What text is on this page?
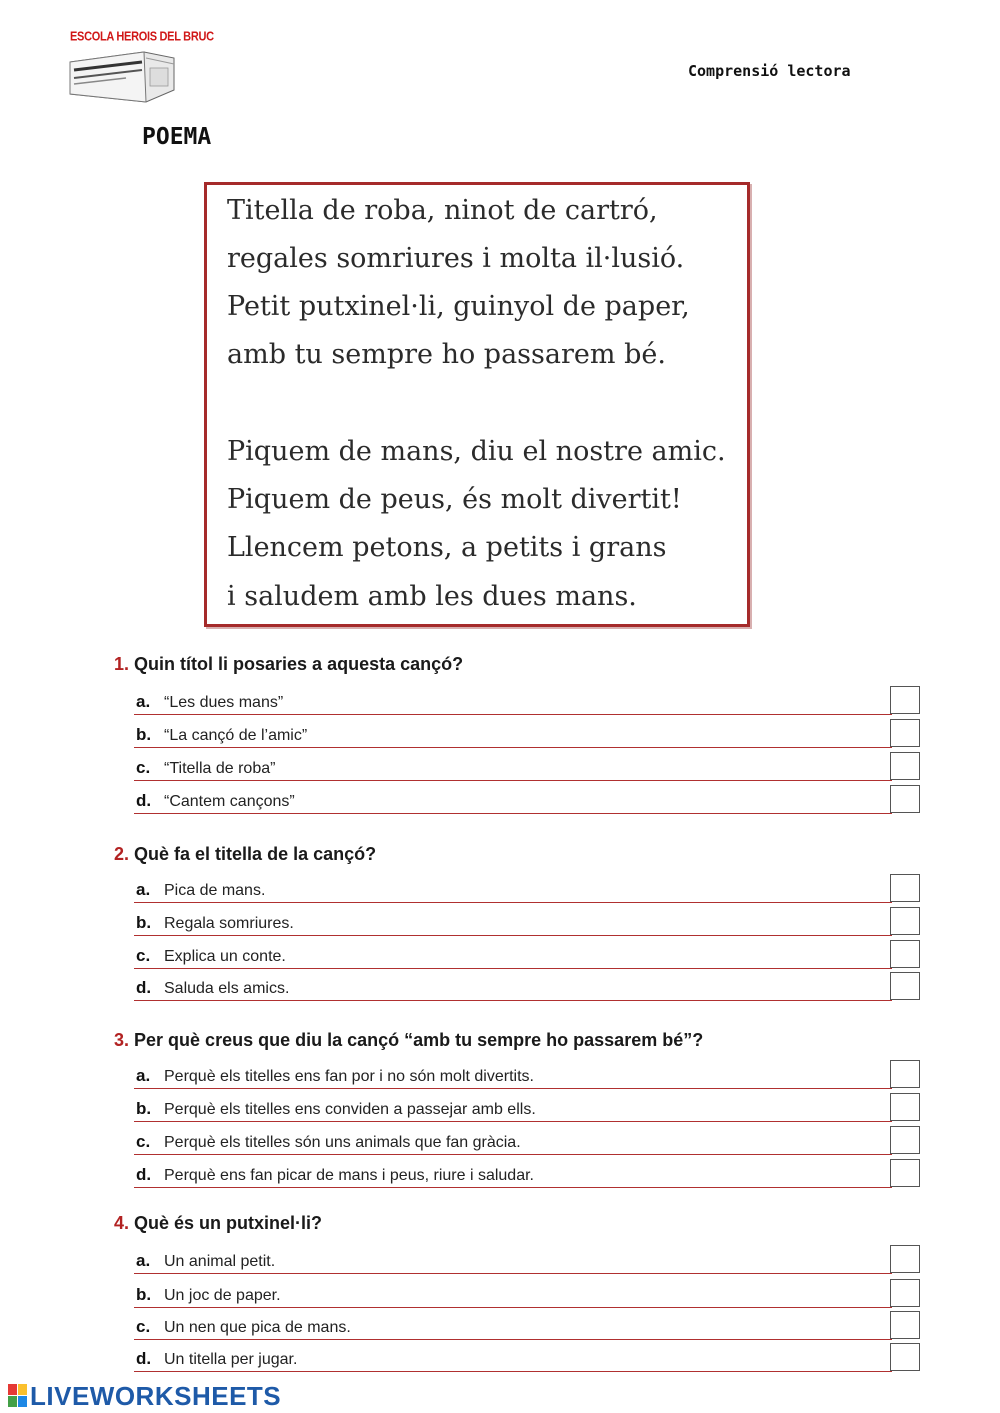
ESCOLA HEROIS DEL BRUC
Comprensió lectora
POEMA
Titella de roba, ninot de cartró,
regales somriures i molta il·lusió.
Petit putxinel·li, guinyol de paper,
amb tu sempre ho passarem bé.
Piquem de mans, diu el nostre amic.
Piquem de peus, és molt divertit!
Llencem petons, a petits i grans
i saludem amb les dues mans.
1. Quin títol li posaries a aquesta cançó?
a. “Les dues mans”
b. “La cançó de l’amic”
c. “Titella de roba”
d. “Cantem cançons”
2. Què fa el titella de la cançó?
a. Pica de mans.
b. Regala somriures.
c. Explica un conte.
d. Saluda els amics.
3. Per què creus que diu la cançó “amb tu sempre ho passarem bé”?
a. Perquè els titelles ens fan por i no són molt divertits.
b. Perquè els titelles ens conviden a passejar amb ells.
c. Perquè els titelles són uns animals que fan gràcia.
d. Perquè ens fan picar de mans i peus, riure i saludar.
4. Què és un putxinel·li?
a. Un animal petit.
b. Un joc de paper.
c. Un nen que pica de mans.
d. Un titella per jugar.
LIVEWORKSHEETS
